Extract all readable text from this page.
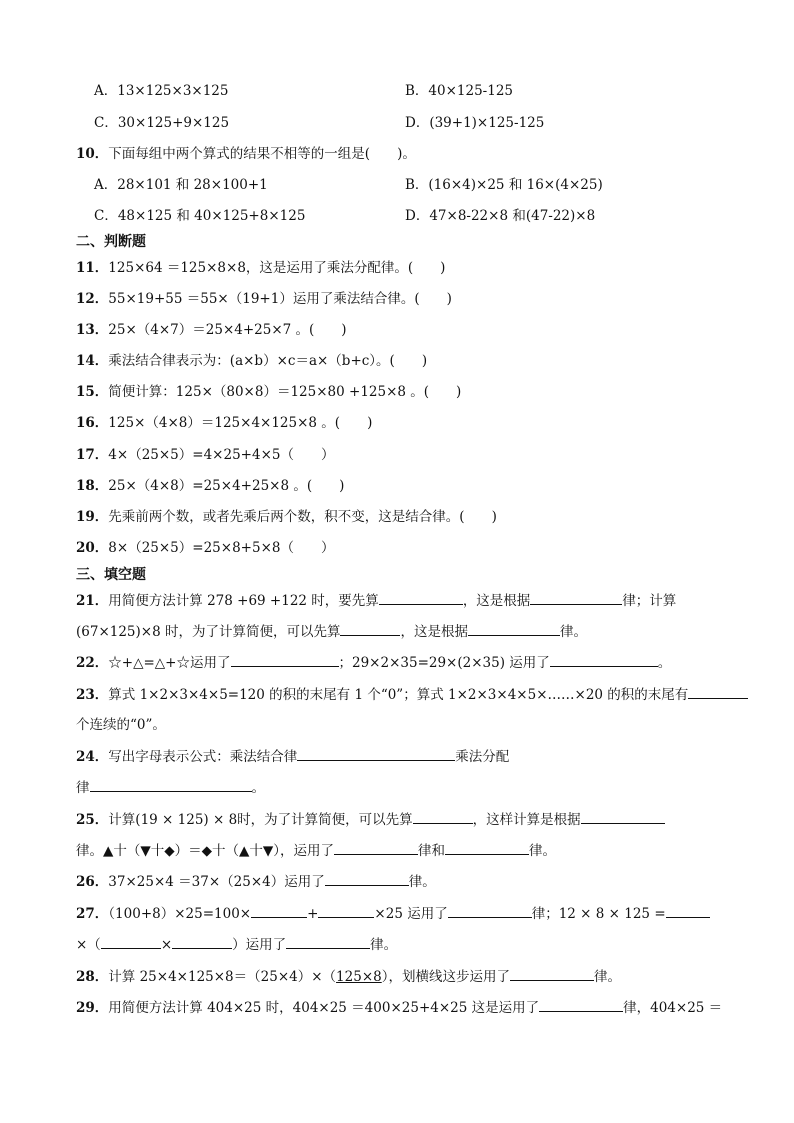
A．13×125×3×125	B．40×125-125
C．30×125+9×125	D．(39+1)×125-125
10．下面每组中两个算式的结果不相等的一组是(　　)。
A．28×101 和 28×100+1	B．(16×4)×25 和 16×(4×25)
C．48×125 和 40×125+8×125	D．47×8-22×8 和(47-22)×8
二、判断题
11．125×64 ＝125×8×8，这是运用了乘法分配律。(　　)
12．55×19+55 ＝55×（19+1）运用了乘法结合律。(　　)
13．25×（4×7）＝25×4+25×7 。(　　)
14．乘法结合律表示为：(a×b）×c＝a×（b+c）。(　　)
15．简便计算：125×（80×8）＝125×80 +125×8 。(　　)
16．125×（4×8）＝125×4×125×8 。(　　)
17．4×（25×5）=4×25+4×5（　　）
18．25×（4×8）=25×4+25×8 。(　　)
19．先乘前两个数，或者先乘后两个数，积不变，这是结合律。(　　)
20．8×（25×5）=25×8+5×8（　　）
三、填空题
21．用简便方法计算 278 +69 +122 时，要先算	，这是根据	律；计算
(67×125)×8 时，为了计算简便，可以先算	，这是根据	律。
22．☆+△=△+☆运用了	；29×2×35=29×(2×35) 运用了	。
23．算式 1×2×3×4×5=120 的积的末尾有 1 个“0”；算式 1×2×3×4×5×……×20 的积的末尾有
个连续的“0”。
24．写出字母表示公式：乘法结合律	乘法分配
律	。
25．计算(19 × 125) × 8时，为了计算简便，可以先算	，这样计算是根据
律。▲十（▼十◆）＝◆十（▲十▼），运用了	律和	律。
26．37×25×4 ＝37×（25×4）运用了	律。
27．（100+8）×25=100×	+	×25 运用了	律；12 × 8 × 125 =
×（	×	）运用了	律。
28．计算 25×4×125×8＝（25×4）×（125×8），划横线这步运用了	律。
29．用简便方法计算 404×25 时，404×25 ＝400×25+4×25 这是运用了	律，404×25 ＝
